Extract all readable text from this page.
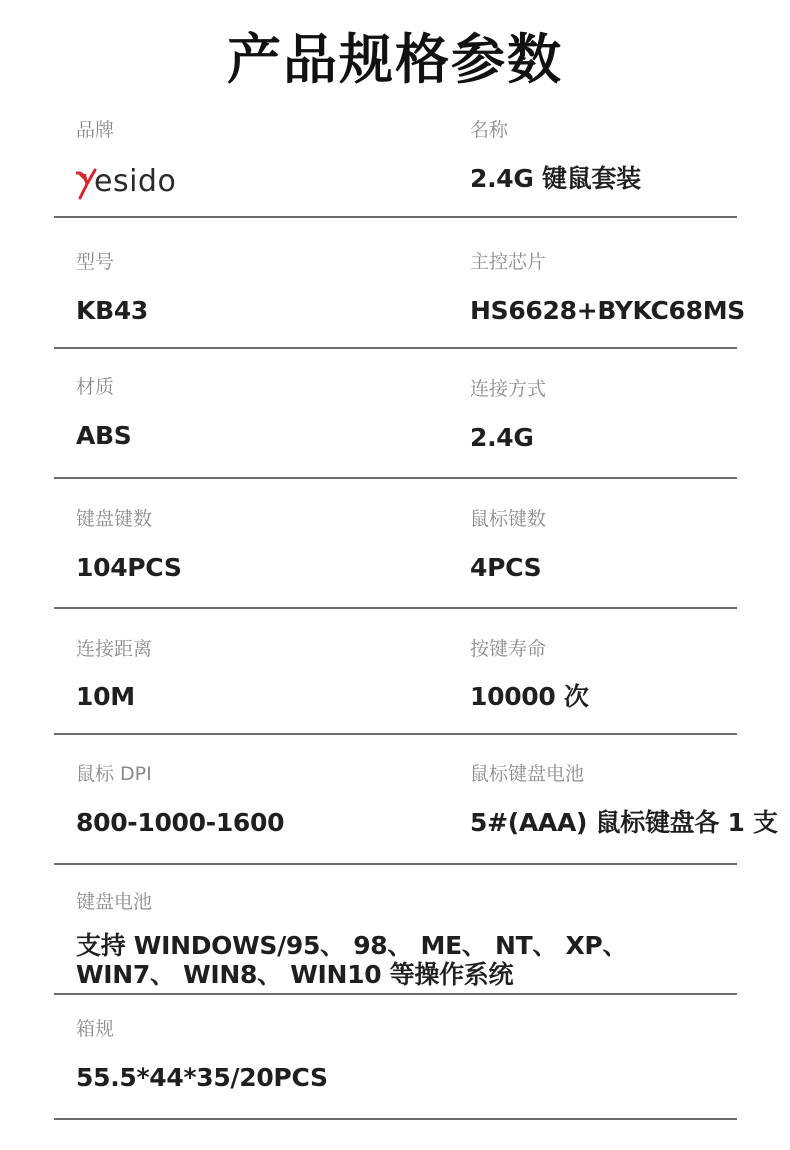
产品规格参数
品牌
esido
名称
2.4G 键鼠套装
型号
KB43
主控芯片
HS6628+BYKC68MS
材质
ABS
连接方式
2.4G
键盘键数
104PCS
鼠标键数
4PCS
连接距离
10M
按键寿命
10000 次
鼠标 DPI
800-1000-1600
鼠标键盘电池
5#(AAA) 鼠标键盘各 1 支
键盘电池
支持 WINDOWS/95、 98、 ME、 NT、 XP、
WIN7、 WIN8、 WIN10 等操作系统
箱规
55.5*44*35/20PCS
